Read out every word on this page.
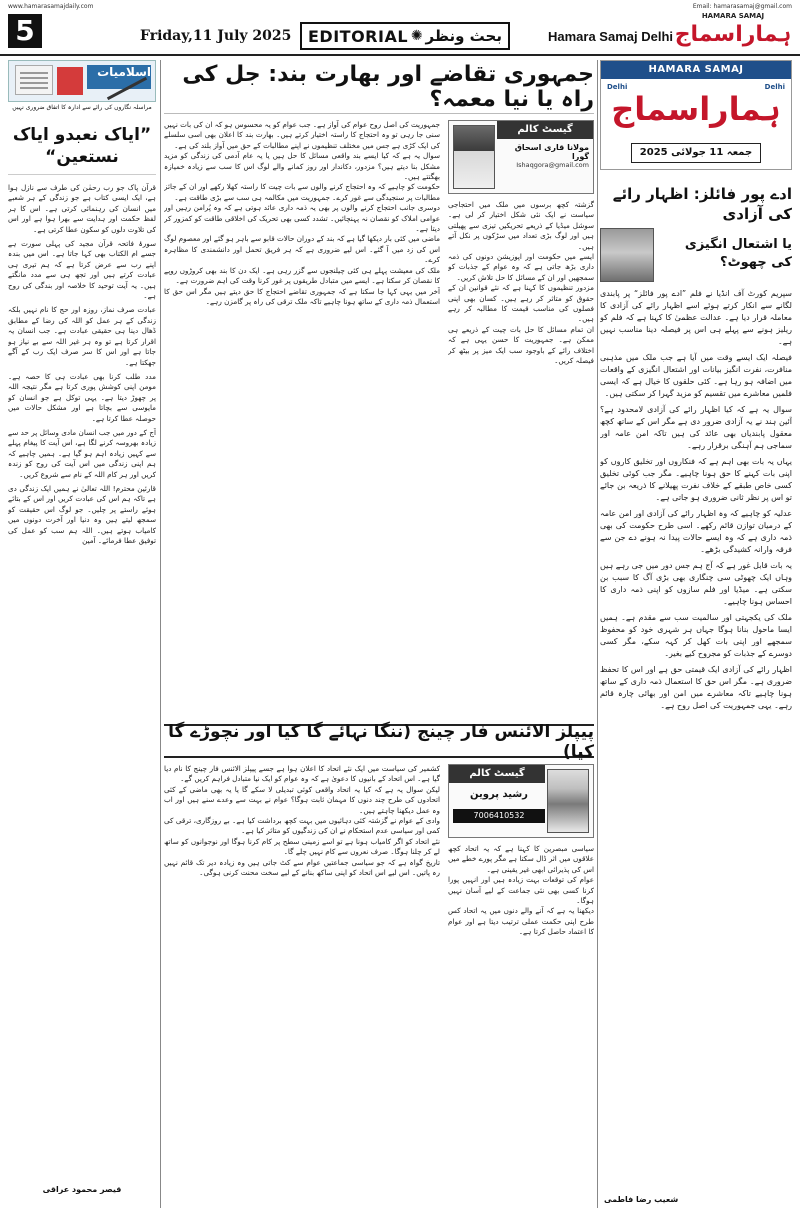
www.hamarasamajdaily.com	Email: hamarasamaj@gmail.com
5	Friday,11 July 2025 EDITORIAL ✺ بحث ونظر	Hamara Samaj Delhi
HAMARA SAMAJ
ہماراسماج
اسلامیات
مراسلہ نگاروں کی رائے سے ادارہ کا اتفاق ضروری نہیں
”ایاک نعبدو ایاک نستعین“

قرآن پاک جو رب رحمٰن کی طرف سے نازل ہوا ہے، ایک ایسی کتاب ہے جو زندگی کے ہر شعبے میں انسان کی رہنمائی کرتی ہے۔ اس کا ہر لفظ حکمت اور ہدایت سے بھرا ہوا ہے اور اس کی تلاوت دلوں کو سکون عطا کرتی ہے۔

سورۂ فاتحہ قرآن مجید کی پہلی سورت ہے جسے ام الکتاب بھی کہا جاتا ہے۔ اس میں بندہ اپنے رب سے عرض کرتا ہے کہ ہم تیری ہی عبادت کرتے ہیں اور تجھ ہی سے مدد مانگتے ہیں۔ یہ آیت توحید کا خلاصہ اور بندگی کی روح ہے۔

عبادت صرف نماز، روزہ اور حج کا نام نہیں بلکہ زندگی کے ہر عمل کو اللہ کی رضا کے مطابق ڈھال دینا ہی حقیقی عبادت ہے۔ جب انسان یہ اقرار کرتا ہے تو وہ ہر غیر اللہ سے بے نیاز ہو جاتا ہے اور اس کا سر صرف ایک رب کے آگے جھکتا ہے۔

مدد طلب کرنا بھی عبادت ہی کا حصہ ہے۔ مومن اپنی کوشش پوری کرتا ہے مگر نتیجہ اللہ پر چھوڑ دیتا ہے۔ یہی توکل ہے جو انسان کو مایوسی سے بچاتا ہے اور مشکل حالات میں حوصلہ عطا کرتا ہے۔

آج کے دور میں جب انسان مادی وسائل پر حد سے زیادہ بھروسہ کرنے لگا ہے، اس آیت کا پیغام پہلے سے کہیں زیادہ اہم ہو گیا ہے۔ ہمیں چاہیے کہ ہم اپنی زندگی میں اس آیت کی روح کو زندہ کریں اور ہر کام اللہ کے نام سے شروع کریں۔

قارئین محترم! اللہ تعالیٰ نے ہمیں ایک زندگی دی ہے تاکہ ہم اس کی عبادت کریں اور اس کے بتائے ہوئے راستے پر چلیں۔ جو لوگ اس حقیقت کو سمجھ لیتے ہیں وہ دنیا اور آخرت دونوں میں کامیاب ہوتے ہیں۔ اللہ ہم سب کو عمل کی توفیق عطا فرمائے۔ آمین

قیصر محمود عراقی
جمہوری تقاضے اور بھارت بند: جل کی راہ یا نیا معمہ؟

جمہوریت کی اصل روح عوام کی آواز ہے۔ جب عوام کو یہ محسوس ہو کہ ان کی بات نہیں سنی جا رہی تو وہ احتجاج کا راستہ اختیار کرتے ہیں۔ بھارت بند کا اعلان بھی اسی سلسلے کی ایک کڑی ہے جس میں مختلف تنظیموں نے اپنے مطالبات کے حق میں آواز بلند کی ہے۔

سوال یہ ہے کہ کیا ایسے بند واقعی مسائل کا حل ہیں یا یہ عام آدمی کی زندگی کو مزید مشکل بنا دیتے ہیں؟ مزدور، دکاندار اور روز کمانے والے لوگ اس کا سب سے زیادہ خمیازہ بھگتتے ہیں۔

حکومت کو چاہیے کہ وہ احتجاج کرنے والوں سے بات چیت کا راستہ کھلا رکھے اور ان کے جائز مطالبات پر سنجیدگی سے غور کرے۔ جمہوریت میں مکالمہ ہی سب سے بڑی طاقت ہے۔

دوسری جانب احتجاج کرنے والوں پر بھی یہ ذمہ داری عائد ہوتی ہے کہ وہ پُرامن رہیں اور عوامی املاک کو نقصان نہ پہنچائیں۔ تشدد کسی بھی تحریک کی اخلاقی طاقت کو کمزور کر دیتا ہے۔

ماضی میں کئی بار دیکھا گیا ہے کہ بند کے دوران حالات قابو سے باہر ہو گئے اور معصوم لوگ اس کی زد میں آ گئے۔ اس لیے ضروری ہے کہ ہر فریق تحمل اور دانشمندی کا مظاہرہ کرے۔

ملک کی معیشت پہلے ہی کئی چیلنجوں سے گزر رہی ہے۔ ایک دن کا بند بھی کروڑوں روپے کا نقصان کر سکتا ہے۔ ایسے میں متبادل طریقوں پر غور کرنا وقت کی اہم ضرورت ہے۔

آخر میں یہی کہا جا سکتا ہے کہ جمہوری تقاضے احتجاج کا حق دیتے ہیں مگر اس حق کا استعمال ذمہ داری کے ساتھ ہونا چاہیے تاکہ ملک ترقی کی راہ پر گامزن رہے۔

گیسٹ کالم
مولانا قاری اسحاق گورا
Ishaqgora@gmail.com

گزشتہ کچھ برسوں میں ملک میں احتجاجی سیاست نے ایک نئی شکل اختیار کر لی ہے۔ سوشل میڈیا کے ذریعے تحریکیں تیزی سے پھیلتی ہیں اور لوگ بڑی تعداد میں سڑکوں پر نکل آتے ہیں۔

ایسے میں حکومت اور اپوزیشن دونوں کی ذمہ داری بڑھ جاتی ہے کہ وہ عوام کے جذبات کو سمجھیں اور ان کے مسائل کا حل تلاش کریں۔

مزدور تنظیموں کا کہنا ہے کہ نئے قوانین ان کے حقوق کو متاثر کر رہے ہیں۔ کسان بھی اپنی فصلوں کی مناسب قیمت کا مطالبہ کر رہے ہیں۔

ان تمام مسائل کا حل بات چیت کے ذریعے ہی ممکن ہے۔ جمہوریت کا حسن یہی ہے کہ اختلاف رائے کے باوجود سب ایک میز پر بیٹھ کر فیصلہ کریں۔

پیپلز الائنس فار چینج (ننگا نہائے گا کیا اور نچوڑے گا کیا)

کشمیر کی سیاست میں ایک نئے اتحاد کا اعلان ہوا ہے جسے پیپلز الائنس فار چینج کا نام دیا گیا ہے۔ اس اتحاد کے بانیوں کا دعویٰ ہے کہ وہ عوام کو ایک نیا متبادل فراہم کریں گے۔

لیکن سوال یہ ہے کہ کیا یہ اتحاد واقعی کوئی تبدیلی لا سکے گا یا یہ بھی ماضی کے کئی اتحادوں کی طرح چند دنوں کا مہمان ثابت ہوگا؟ عوام نے بہت سے وعدے سنے ہیں اور اب وہ عمل دیکھنا چاہتے ہیں۔

وادی کے عوام نے گزشتہ کئی دہائیوں میں بہت کچھ برداشت کیا ہے۔ بے روزگاری، ترقی کی کمی اور سیاسی عدم استحکام نے ان کی زندگیوں کو متاثر کیا ہے۔

نئے اتحاد کو اگر کامیاب ہونا ہے تو اسے زمینی سطح پر کام کرنا ہوگا اور نوجوانوں کو ساتھ لے کر چلنا ہوگا۔ صرف نعروں سے کام نہیں چلے گا۔

تاریخ گواہ ہے کہ جو سیاسی جماعتیں عوام سے کٹ جاتی ہیں وہ زیادہ دیر تک قائم نہیں رہ پاتیں۔ اس لیے اس اتحاد کو اپنی ساکھ بنانے کے لیے سخت محنت کرنی ہوگی۔

گیسٹ کالم
رشید پروین
7006410532

سیاسی مبصرین کا کہنا ہے کہ یہ اتحاد کچھ علاقوں میں اثر ڈال سکتا ہے مگر پورے خطے میں اس کی پذیرائی ابھی غیر یقینی ہے۔

عوام کی توقعات بہت زیادہ ہیں اور انہیں پورا کرنا کسی بھی نئی جماعت کے لیے آسان نہیں ہوگا۔

دیکھنا یہ ہے کہ آنے والے دنوں میں یہ اتحاد کس طرح اپنی حکمت عملی ترتیب دیتا ہے اور عوام کا اعتماد حاصل کرتا ہے۔

HAMARA SAMAJ
Delhi	Delhi
ہماراسماج
جمعہ 11 جولائی 2025
ادے پور فائلز: اظہار رائے کی آزادی
یا اشتعال انگیزی کی چھوٹ؟

سپریم کورٹ آف انڈیا نے فلم ”ادے پور فائلز“ پر پابندی لگانے سے انکار کرتے ہوئے اسے اظہار رائے کی آزادی کا معاملہ قرار دیا ہے۔ عدالت عظمیٰ کا کہنا ہے کہ فلم کو ریلیز ہونے سے پہلے ہی اس پر فیصلہ دینا مناسب نہیں ہے۔

فیصلہ ایک ایسے وقت میں آیا ہے جب ملک میں مذہبی منافرت، نفرت انگیز بیانات اور اشتعال انگیزی کے واقعات میں اضافہ ہو رہا ہے۔ کئی حلقوں کا خیال ہے کہ ایسی فلمیں معاشرے میں تقسیم کو مزید گہرا کر سکتی ہیں۔

سوال یہ ہے کہ کیا اظہار رائے کی آزادی لامحدود ہے؟ آئین ہند نے یہ آزادی ضرور دی ہے مگر اس کے ساتھ کچھ معقول پابندیاں بھی عائد کی ہیں تاکہ امن عامہ اور سماجی ہم آہنگی برقرار رہے۔

یہاں یہ بات بھی اہم ہے کہ فنکاروں اور تخلیق کاروں کو اپنی بات کہنے کا حق ہونا چاہیے۔ مگر جب کوئی تخلیق کسی خاص طبقے کے خلاف نفرت پھیلانے کا ذریعہ بن جائے تو اس پر نظر ثانی ضروری ہو جاتی ہے۔

عدلیہ کو چاہیے کہ وہ اظہار رائے کی آزادی اور امن عامہ کے درمیان توازن قائم رکھے۔ اسی طرح حکومت کی بھی ذمہ داری ہے کہ وہ ایسے حالات پیدا نہ ہونے دے جن سے فرقہ وارانہ کشیدگی بڑھے۔

یہ بات قابل غور ہے کہ آج ہم جس دور میں جی رہے ہیں وہاں ایک چھوٹی سی چنگاری بھی بڑی آگ کا سبب بن سکتی ہے۔ میڈیا اور فلم سازوں کو اپنی ذمہ داری کا احساس ہونا چاہیے۔

ملک کی یکجہتی اور سالمیت سب سے مقدم ہے۔ ہمیں ایسا ماحول بنانا ہوگا جہاں ہر شہری خود کو محفوظ سمجھے اور اپنی بات کھل کر کہہ سکے، مگر کسی دوسرے کے جذبات کو مجروح کیے بغیر۔

اظہار رائے کی آزادی ایک قیمتی حق ہے اور اس کا تحفظ ضروری ہے۔ مگر اس حق کا استعمال ذمہ داری کے ساتھ ہونا چاہیے تاکہ معاشرے میں امن اور بھائی چارہ قائم رہے۔ یہی جمہوریت کی اصل روح ہے۔

شعیب رضا فاطمی
